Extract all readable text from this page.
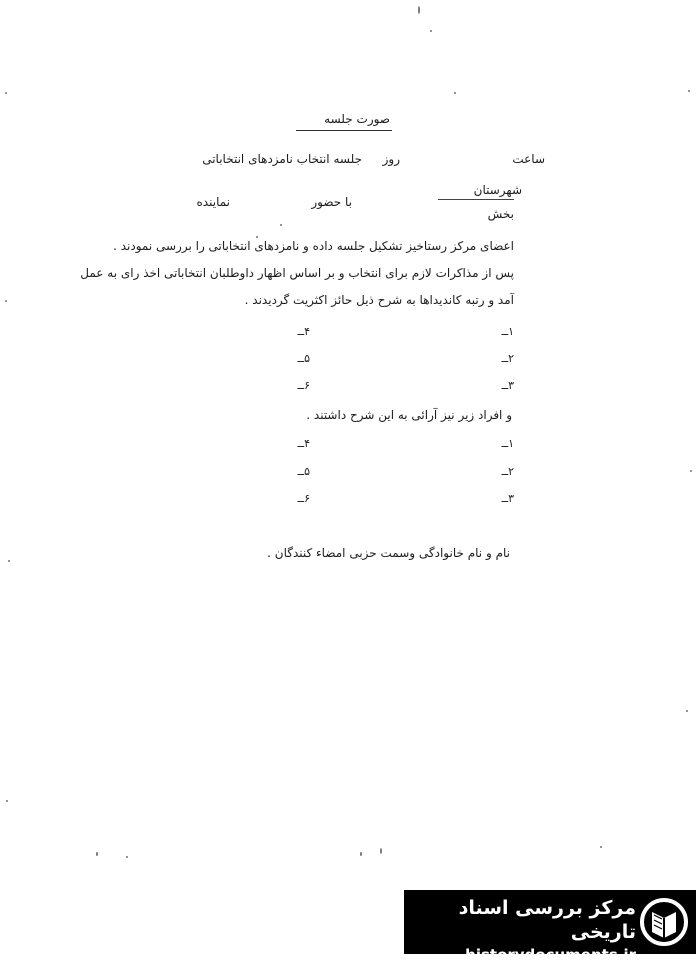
صورت جلسه
ساعت
روز
جلسه انتخاب نامزدهای انتخاباتی
شهرستان
بخش
با حضور
نماینده
اعضای مرکز رستاخیز تشکیل جلسه داده و نامزدهای انتخاباتی را بررسی نمودند .
پس از مذاکرات لازم برای انتخاب و بر اساس اظهار داوطلبان انتخاباتی اخذ رای به عمل
آمد و رتبه کاندیداها به شرح ذیل حائز اکثریت گردیدند .
۱ــ
۴ــ
۲ــ
۵ــ
۳ــ
۶ــ
و افراد زیر نیز آرائی به این شرح داشتند .
۱ــ
۴ــ
۲ــ
۵ــ
۳ــ
۶ــ
نام و نام خانوادگی وسمت حزبی امضاء کنندگان .
مرکز بررسی اسناد تاریخی
historydocuments.ir
